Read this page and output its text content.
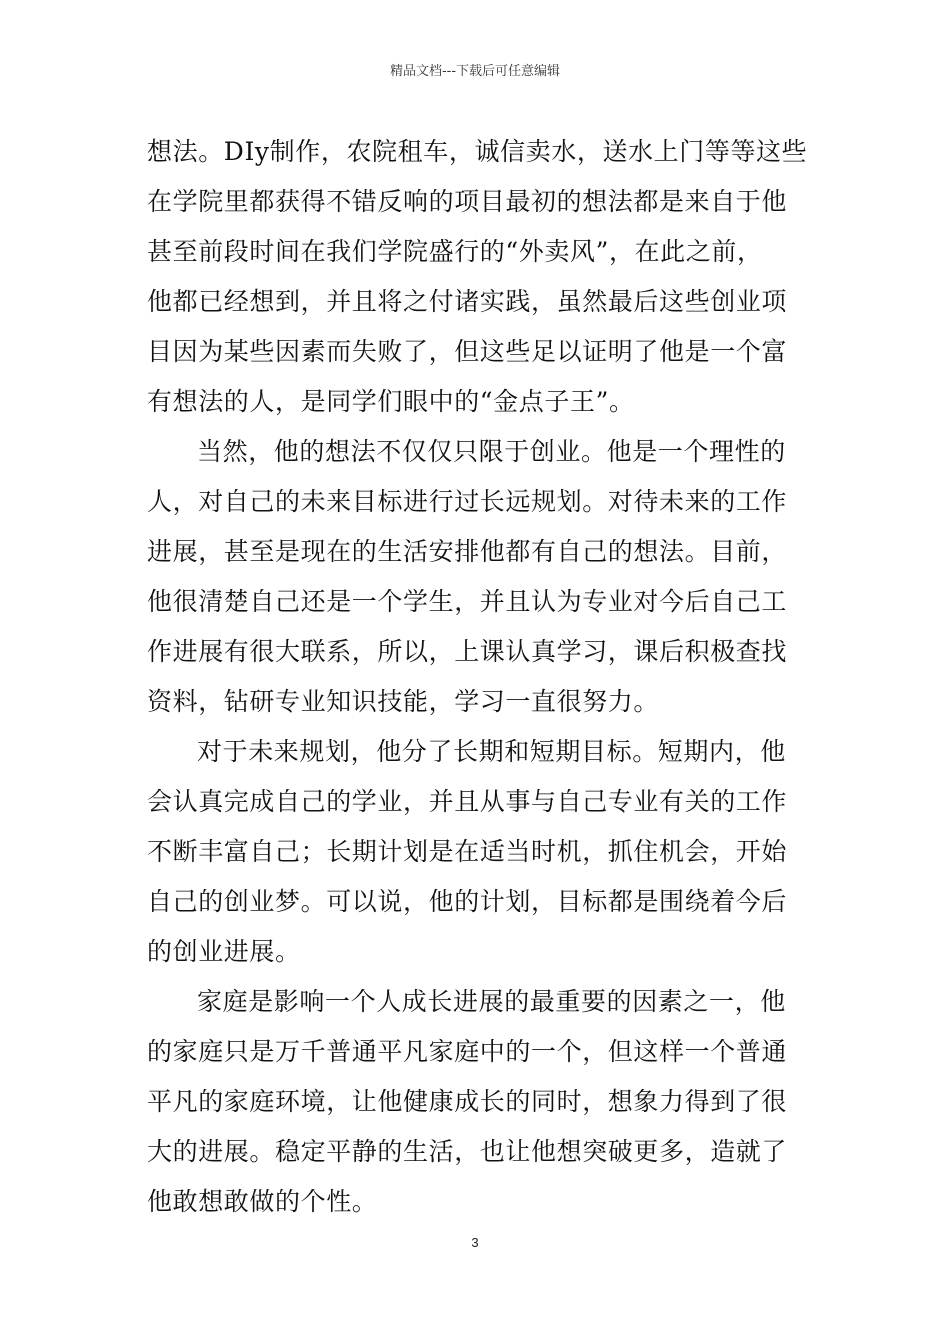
精品文档---下载后可任意编辑
想法。DIy制作，农院租车，诚信卖水，送水上门等等这些
在学院里都获得不错反响的项目最初的想法都是来自于他
甚至前段时间在我们学院盛行的“外卖风”，在此之前，
他都已经想到，并且将之付诸实践，虽然最后这些创业项
目因为某些因素而失败了，但这些足以证明了他是一个富
有想法的人，是同学们眼中的“金点子王”。
当然，他的想法不仅仅只限于创业。他是一个理性的
人，对自己的未来目标进行过长远规划。对待未来的工作
进展，甚至是现在的生活安排他都有自己的想法。目前，
他很清楚自己还是一个学生，并且认为专业对今后自己工
作进展有很大联系，所以，上课认真学习，课后积极查找
资料，钻研专业知识技能，学习一直很努力。
对于未来规划，他分了长期和短期目标。短期内，他
会认真完成自己的学业，并且从事与自己专业有关的工作
不断丰富自己；长期计划是在适当时机，抓住机会，开始
自己的创业梦。可以说，他的计划，目标都是围绕着今后
的创业进展。
家庭是影响一个人成长进展的最重要的因素之一，他
的家庭只是万千普通平凡家庭中的一个，但这样一个普通
平凡的家庭环境，让他健康成长的同时，想象力得到了很
大的进展。稳定平静的生活，也让他想突破更多，造就了
他敢想敢做的个性。
3
